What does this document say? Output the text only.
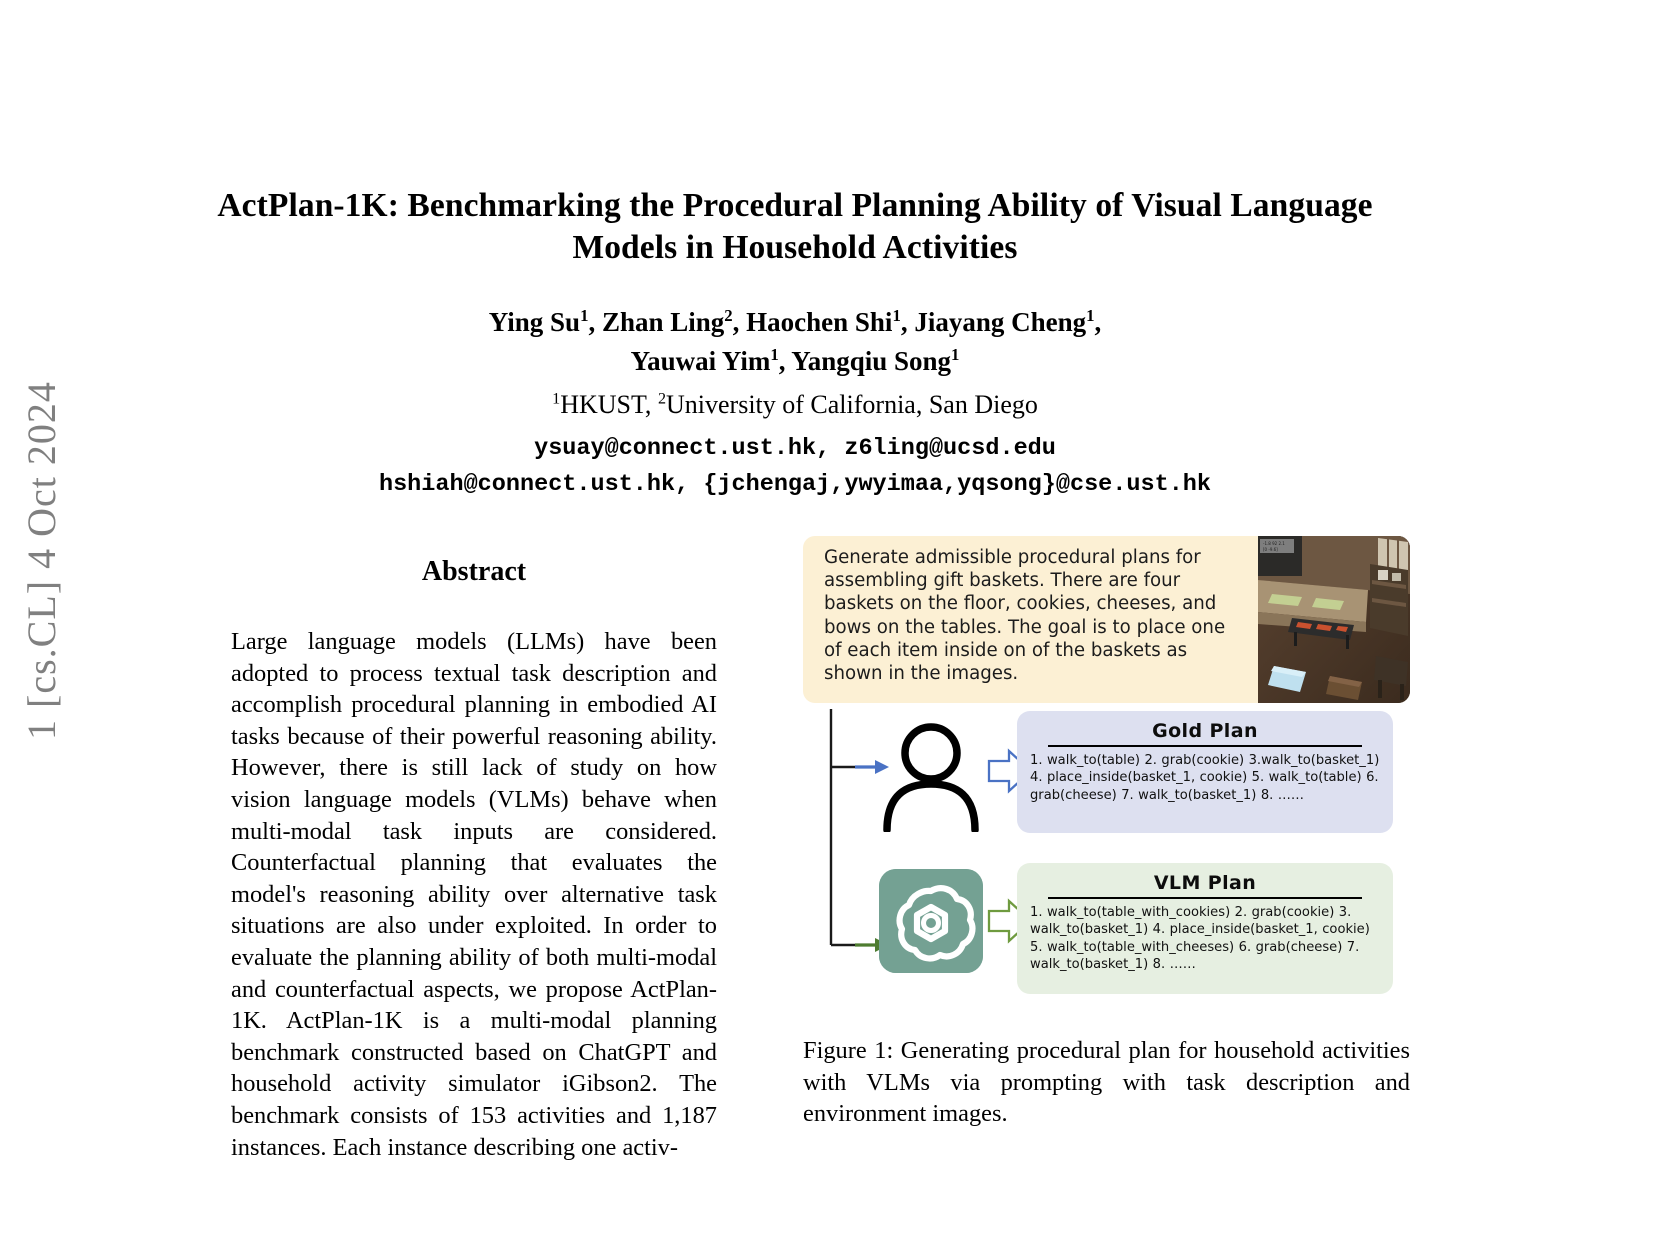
1 [cs.CL] 4 Oct 2024
ActPlan-1K: Benchmarking the Procedural Planning Ability of Visual Language Models in Household Activities
Ying Su$^1$, Zhan Ling$^2$, Haochen Shi$^1$, Jiayang Cheng$^1$,
Yauwai Yim$^1$, Yangqiu Song$^1$
$^1$HKUST, $^2$University of California, San Diego
ysuay@connect.ust.hk, z6ling@ucsd.edu
hshiah@connect.ust.hk, {jchengaj,ywyimaa,yqsong}@cse.ust.hk
Abstract

Large language models (LLMs) have been adopted to process textual task description and accomplish procedural planning in embodied AI tasks because of their powerful reasoning ability. However, there is still lack of study on how vision language models (VLMs) behave when multi-modal task inputs are considered. Counterfactual planning that evaluates the model's reasoning ability over alternative task situations are also under exploited. In order to evaluate the planning ability of both multi-modal and counterfactual aspects, we propose ActPlan-1K. ActPlan-1K is a multi-modal planning benchmark constructed based on ChatGPT and household activity simulator iGibson2. The benchmark consists of 153 activities and 1,187 instances. Each instance describing one activ-

Generate admissible procedural plans for assembling gift baskets. There are four baskets on the floor, cookies, cheeses, and bows on the tables. The goal is to place one of each item inside on of the baskets as shown in the images.
-1.8 92 2.1
[0 -9.6]
Gold Plan
1. walk_to(table) 2. grab(cookie) 3.walk_to(basket_1) 4. place_inside(basket_1, cookie) 5. walk_to(table) 6. grab(cheese) 7. walk_to(basket_1) 8. ……
VLM Plan
1. walk_to(table_with_cookies) 2. grab(cookie) 3. walk_to(basket_1) 4. place_inside(basket_1, cookie) 5. walk_to(table_with_cheeses) 6. grab(cheese) 7. walk_to(basket_1) 8. ……
Figure 1: Generating procedural plan for household activities with VLMs via prompting with task description and environment images.
